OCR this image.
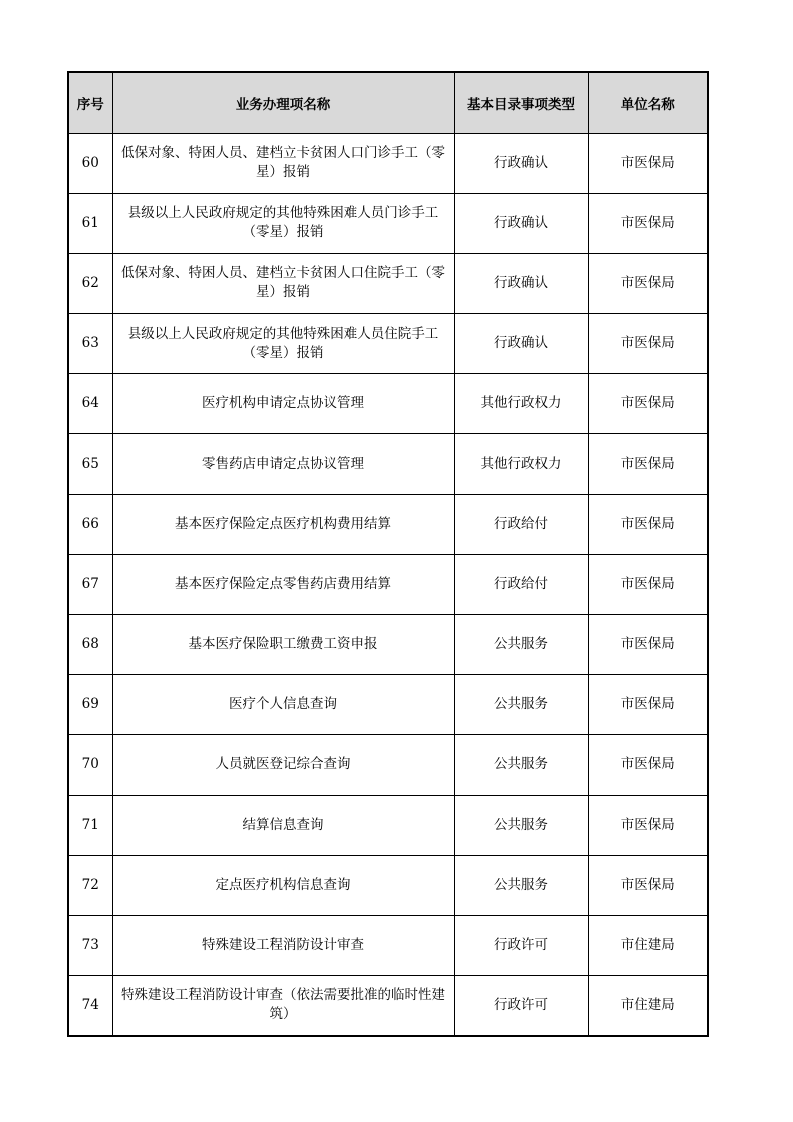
序号	业务办理项名称	基本目录事项类型	单位名称
60	低保对象、特困人员、建档立卡贫困人口门诊手工（零星）报销	行政确认	市医保局
61	县级以上人民政府规定的其他特殊困难人员门诊手工（零星）报销	行政确认	市医保局
62	低保对象、特困人员、建档立卡贫困人口住院手工（零星）报销	行政确认	市医保局
63	县级以上人民政府规定的其他特殊困难人员住院手工（零星）报销	行政确认	市医保局
64	医疗机构申请定点协议管理	其他行政权力	市医保局
65	零售药店申请定点协议管理	其他行政权力	市医保局
66	基本医疗保险定点医疗机构费用结算	行政给付	市医保局
67	基本医疗保险定点零售药店费用结算	行政给付	市医保局
68	基本医疗保险职工缴费工资申报	公共服务	市医保局
69	医疗个人信息查询	公共服务	市医保局
70	人员就医登记综合查询	公共服务	市医保局
71	结算信息查询	公共服务	市医保局
72	定点医疗机构信息查询	公共服务	市医保局
73	特殊建设工程消防设计审查	行政许可	市住建局
74	特殊建设工程消防设计审查（依法需要批准的临时性建筑）	行政许可	市住建局
